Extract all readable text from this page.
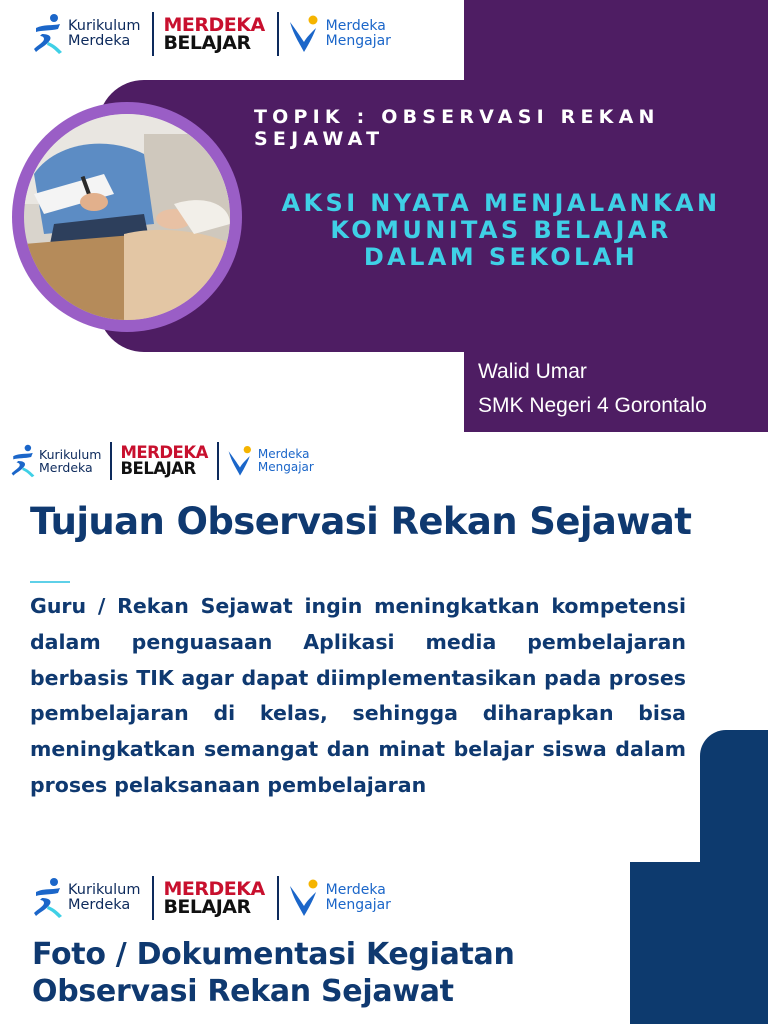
Kurikulum
Merdeka
MERDEKA
BELAJAR
Merdeka
Mengajar
TOPIK : OBSERVASI REKAN SEJAWAT
AKSI NYATA MENJALANKAN
KOMUNITAS BELAJAR
DALAM SEKOLAH
Walid Umar
SMK Negeri 4 Gorontalo
Kurikulum
Merdeka
MERDEKA
BELAJAR
Merdeka
Mengajar
Tujuan Observasi Rekan Sejawat
Guru / Rekan Sejawat ingin meningkatkan kompetensi dalam penguasaan Aplikasi media pembelajaran berbasis TIK agar dapat diimplementasikan pada proses pembelajaran di kelas, sehingga diharapkan bisa meningkatkan semangat dan minat belajar siswa dalam proses pelaksanaan pembelajaran
Kurikulum
Merdeka
MERDEKA
BELAJAR
Merdeka
Mengajar
Foto / Dokumentasi Kegiatan
Observasi Rekan Sejawat
